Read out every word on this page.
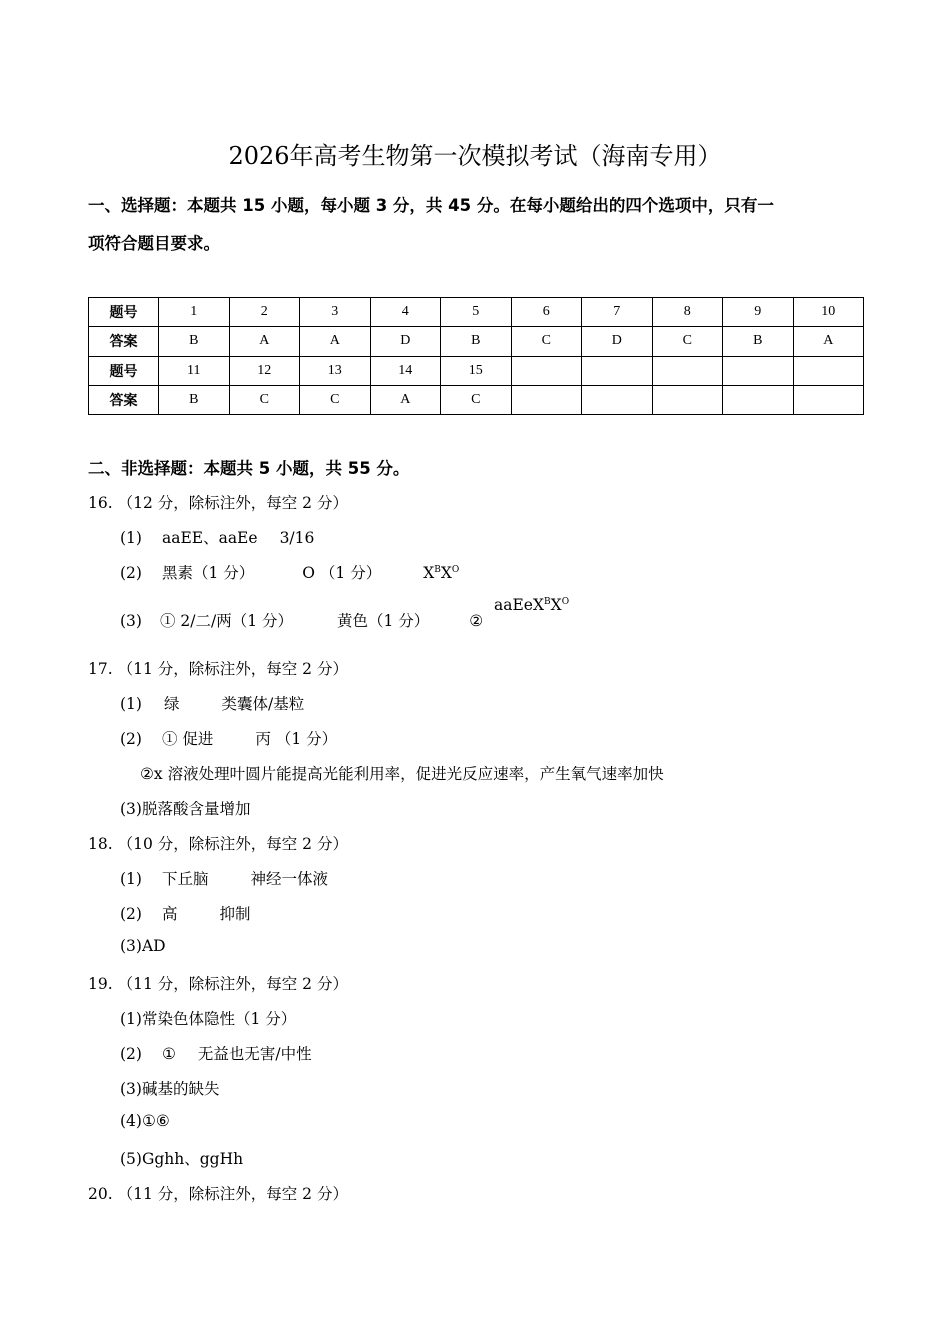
2026年高考生物第一次模拟考试（海南专用）
一、选择题：本题共 15 小题，每小题 3 分，共 45 分。在每小题给出的四个选项中，只有一
项符合题目要求。
题号	1	2	3	4	5	6	7	8	9	10
答案	B	A	A	D	B	C	D	C	B	A
题号	11	12	13	14	15					
答案	B	C	C	A	C					
二、非选择题：本题共 5 小题，共 55 分。
16. （12 分，除标注外，每空 2 分）
(1) aaEE、aaEe 3/16
(2) 黑素（1 分）	O （1 分）	$X^BX^O$
(3) ① 2/二/两（1 分）	黄色（1 分）	②
$aaEeX^BX^O$
17. （11 分，除标注外，每空 2 分）
(1) 绿	类囊体/基粒
(2) ① 促进	丙 （1 分）
②x 溶液处理叶圆片能提高光能利用率，促进光反应速率，产生氧气速率加快
(3)脱落酸含量增加
18. （10 分，除标注外，每空 2 分）
(1) 下丘脑	神经一体液
(2) 高	抑制
(3)AD
19. （11 分，除标注外，每空 2 分）
(1)常染色体隐性（1 分）
(2) ① 无益也无害/中性
(3)碱基的缺失
(4)①⑥
(5)Gghh、ggHh
20. （11 分，除标注外，每空 2 分）
